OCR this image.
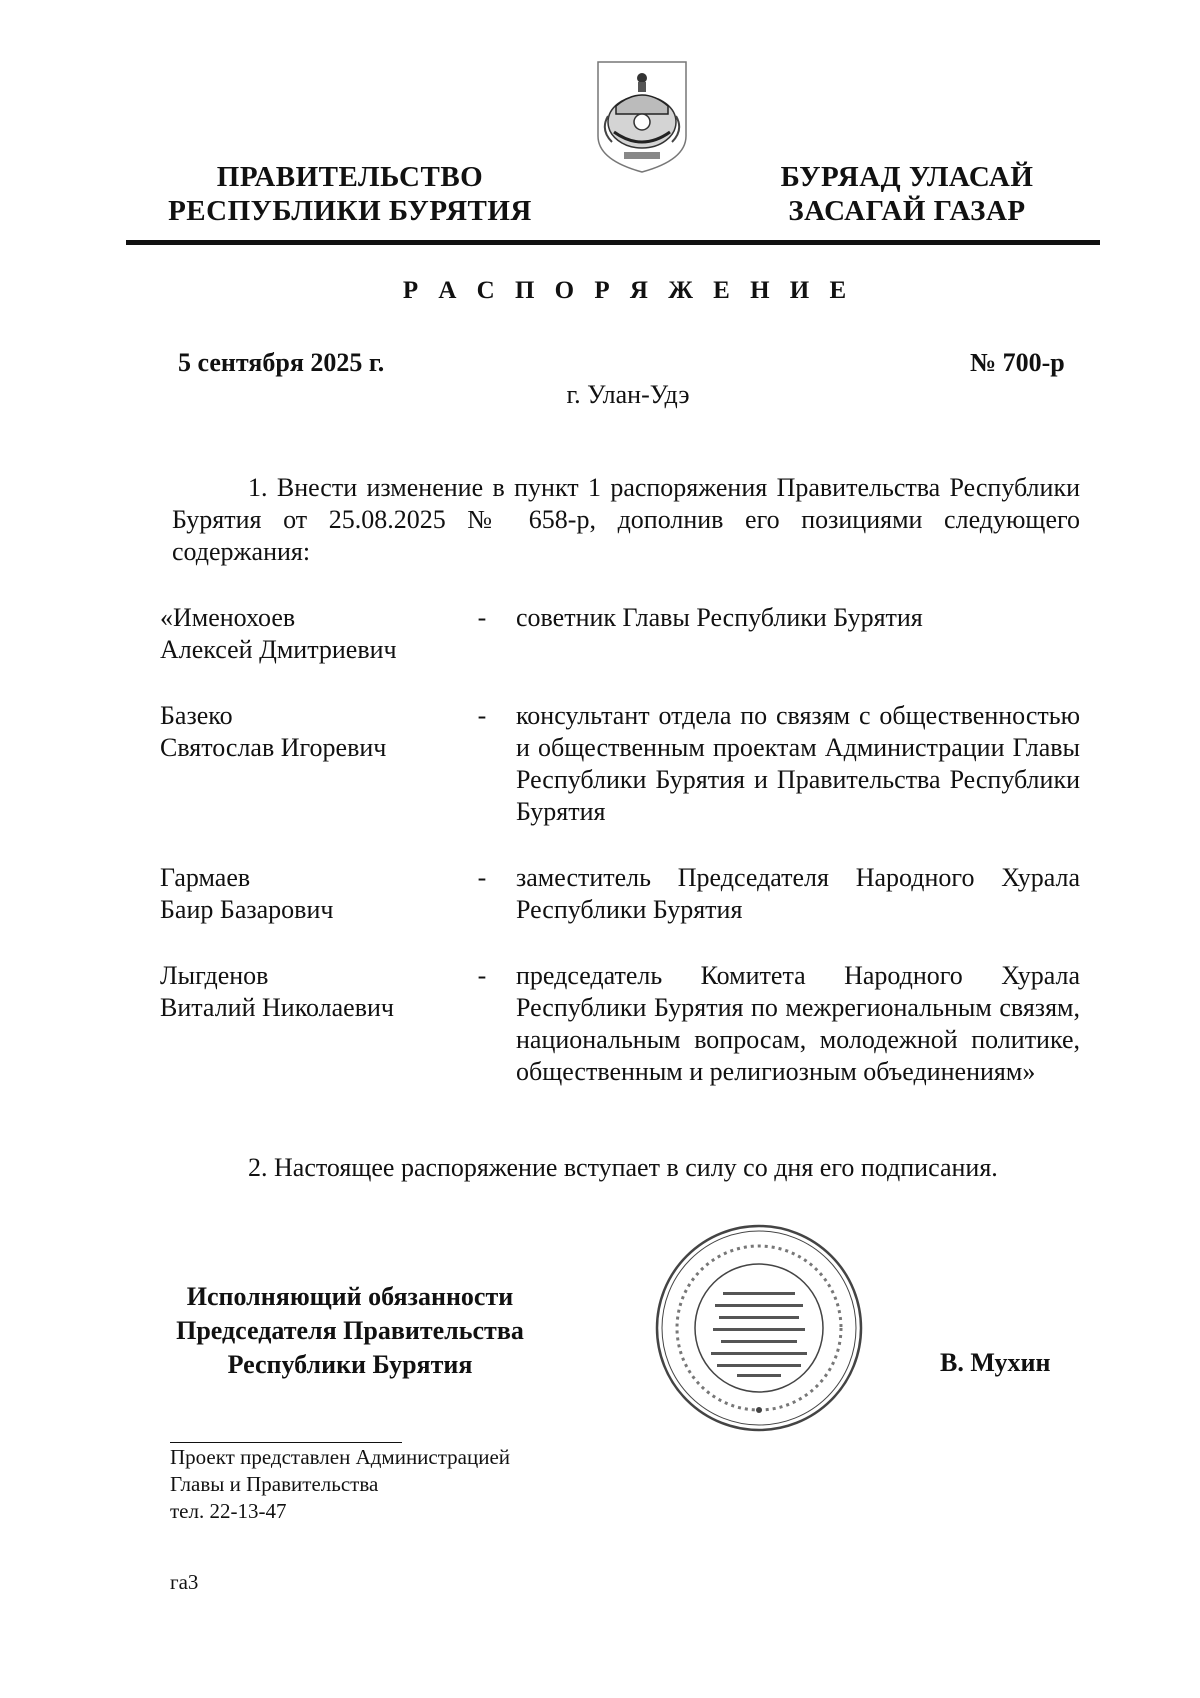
ПРАВИТЕЛЬСТВО
РЕСПУБЛИКИ БУРЯТИЯ
БУРЯАД УЛАСАЙ
ЗАСАГАЙ ГАЗАР
Р А С П О Р Я Ж Е Н И Е
5 сентября 2025 г.	№ 700-р
г. Улан-Удэ
1. Внести изменение в пункт 1 распоряжения Правительства Республики Бурятия от 25.08.2025 № 658-р, дополнив его позициями следующего содержания:
«Именохоев
Алексей Дмитриевич
- советник Главы Республики Бурятия
Базеко
Святослав Игоревич
- консультант отдела по связям с общественностью и общественным проектам Администрации Главы Республики Бурятия и Правительства Республики Бурятия
Гармаев
Баир Базарович
- заместитель Председателя Народного Хурала Республики Бурятия
Лыгденов
Виталий Николаевич
- председатель Комитета Народного Хурала Республики Бурятия по межрегиональным связям, национальным вопросам, молодежной политике, общественным и религиозным объединениям»
2. Настоящее распоряжение вступает в силу со дня его подписания.
Исполняющий обязанности
Председателя Правительства
Республики Бурятия	В. Мухин
Проект представлен Администрацией
Главы и Правительства
тел. 22-13-47
га3
